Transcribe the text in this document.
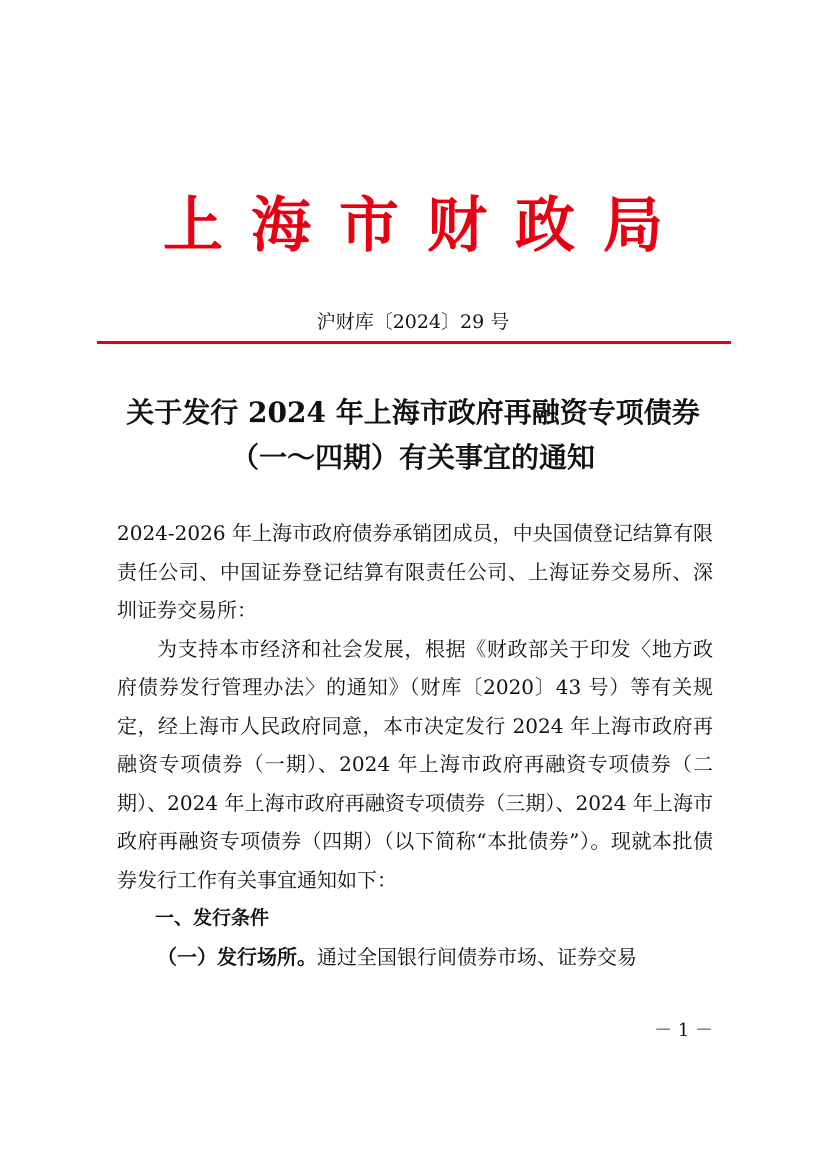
上海市财政局
沪财库〔2024〕29 号
关于发行 2024 年上海市政府再融资专项债券
（一～四期）有关事宜的通知

2024-2026 年上海市政府债券承销团成员，中央国债登记结算有限责任公司、中国证券登记结算有限责任公司、上海证券交易所、深圳证券交易所：

为支持本市经济和社会发展，根据《财政部关于印发〈地方政府债券发行管理办法〉的通知》（财库〔2020〕43 号）等有关规定，经上海市人民政府同意，本市决定发行 2024 年上海市政府再融资专项债券（一期）、2024 年上海市政府再融资专项债券（二期）、2024 年上海市政府再融资专项债券（三期）、2024 年上海市政府再融资专项债券（四期）（以下简称“本批债券”）。现就本批债券发行工作有关事宜通知如下：

一、发行条件

（一）发行场所。通过全国银行间债券市场、证券交易

－ 1 －
